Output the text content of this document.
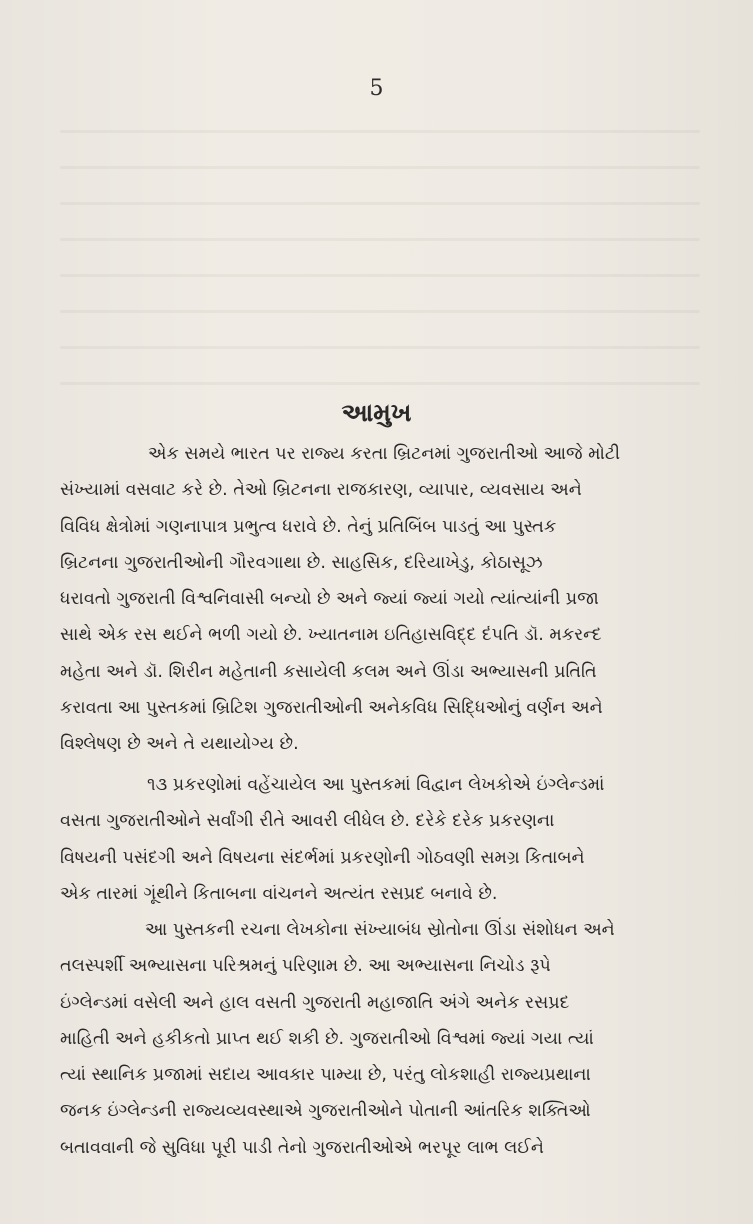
5
આમુખ
એક સમયે ભારત પર રાજ્ય કરતા બ્રિટનમાં ગુજરાતીઓ આજે મોટી
સંખ્યામાં વસવાટ કરે છે. તેઓ બ્રિટનના રાજકારણ, વ્યાપાર, વ્યવસાય અને
વિવિધ ક્ષેત્રોમાં ગણનાપાત્ર પ્રભુત્વ ધરાવે છે. તેનું પ્રતિબિંબ પાડતું આ પુસ્તક
બ્રિટનના ગુજરાતીઓની ગૌરવગાથા છે. સાહસિક, દરિયાખેડુ, કોઠાસૂઝ
ધરાવતો ગુજરાતી વિશ્વનિવાસી બન્યો છે અને જ્યાં જ્યાં ગયો ત્યાંત્યાંની પ્રજા
સાથે એક રસ થઈને ભળી ગયો છે. ખ્યાતનામ ઇતિહાસવિદ્દ દંપતિ ડૉ. મકરન્દ
મહેતા અને ડૉ. શિરીન મહેતાની કસાયેલી કલમ અને ઊંડા અભ્યાસની પ્રતિતિ
કરાવતા આ પુસ્તકમાં બ્રિટિશ ગુજરાતીઓની અનેકવિધ સિદ્ધિઓનું વર્ણન અને
વિશ્લેષણ છે અને તે યથાયોગ્ય છે.
૧૩ પ્રકરણોમાં વહેંચાયેલ આ પુસ્તકમાં વિદ્વાન લેખકોએ ઇંગ્લેન્ડમાં
વસતા ગુજરાતીઓને સર્વાંગી રીતે આવરી લીધેલ છે. દરેકે દરેક પ્રકરણના
વિષયની પસંદગી અને વિષયના સંદર્ભમાં પ્રકરણોની ગોઠવણી સમગ્ર કિતાબને
એક તારમાં ગૂંથીને કિતાબના વાંચનને અત્યંત રસપ્રદ બનાવે છે.
આ પુસ્તકની રચના લેખકોના સંખ્યાબંધ સ્રોતોના ઊંડા સંશોધન અને
તલસ્પર્શી અભ્યાસના પરિશ્રમનું પરિણામ છે. આ અભ્યાસના નિચોડ રૂપે
ઇંગ્લેન્ડમાં વસેલી અને હાલ વસતી ગુજરાતી મહાજાતિ અંગે અનેક રસપ્રદ
માહિતી અને હકીકતો પ્રાપ્ત થઈ શકી છે. ગુજરાતીઓ વિશ્વમાં જ્યાં ગયા ત્યાં
ત્યાં સ્થાનિક પ્રજામાં સદાય આવકાર પામ્યા છે, પરંતુ લોકશાહી રાજ્યપ્રથાના
જનક ઇંગ્લેન્ડની રાજ્યવ્યવસ્થાએ ગુજરાતીઓને પોતાની આંતરિક શક્તિઓ
બતાવવાની જે સુવિધા પૂરી પાડી તેનો ગુજરાતીઓએ ભરપૂર લાભ લઈને
